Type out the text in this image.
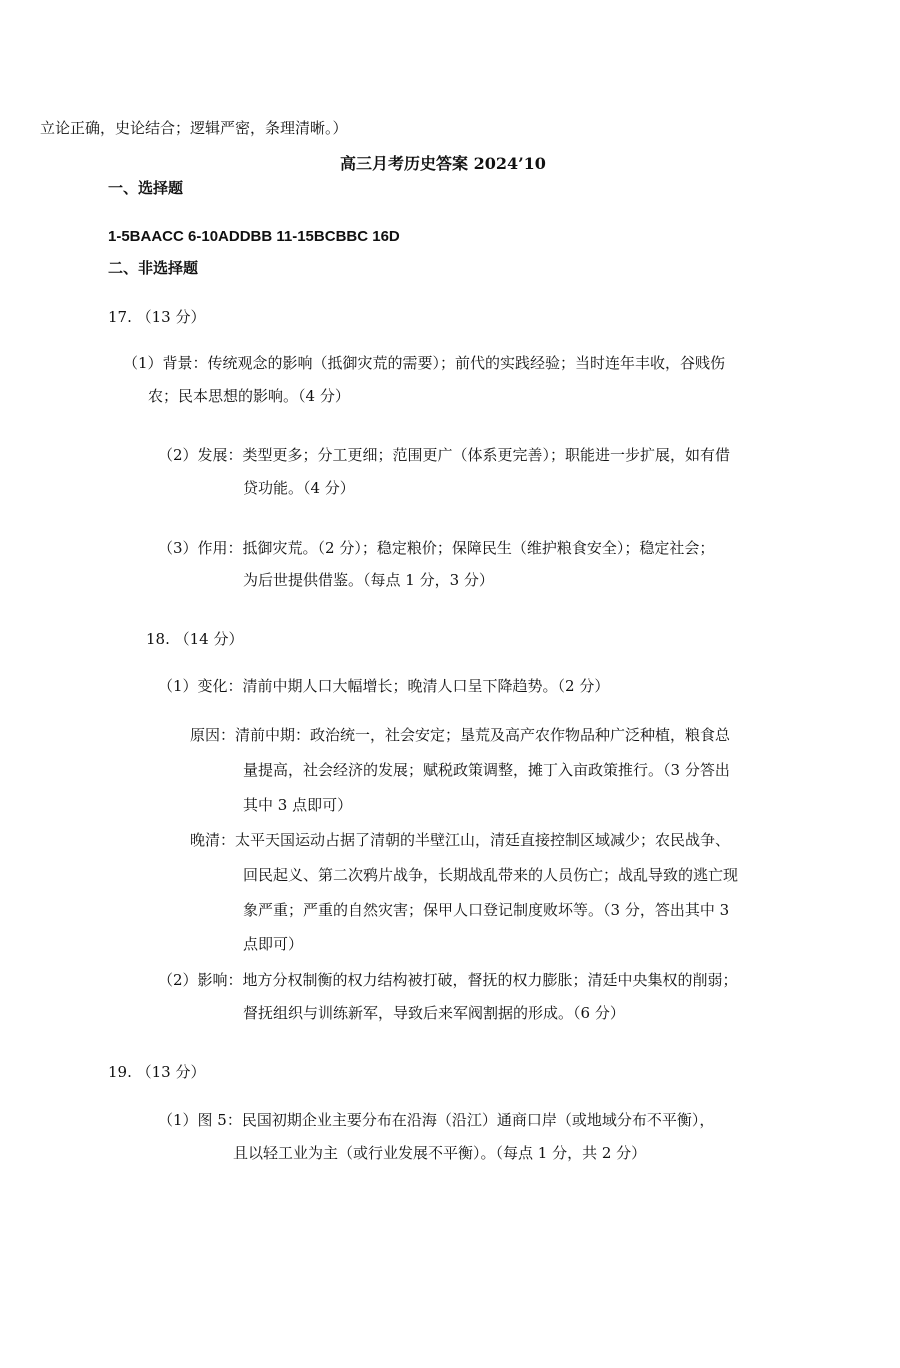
立论正确，史论结合；逻辑严密，条理清晰。）
高三月考历史答案 2024’10
一、选择题
1-5BAACC 6-10ADDBB 11-15BCBBC 16D
二、非选择题
17. （13 分）
（1）背景：传统观念的影响（抵御灾荒的需要）；前代的实践经验；当时连年丰收，谷贱伤
农；民本思想的影响。（4 分）
（2）发展：类型更多；分工更细；范围更广（体系更完善）；职能进一步扩展，如有借
贷功能。（4 分）
（3）作用：抵御灾荒。（2 分）；稳定粮价；保障民生（维护粮食安全）；稳定社会；
为后世提供借鉴。（每点 1 分，3 分）
18. （14 分）
（1）变化：清前中期人口大幅增长；晚清人口呈下降趋势。（2 分）
原因：清前中期：政治统一，社会安定；垦荒及高产农作物品种广泛种植，粮食总
量提高，社会经济的发展；赋税政策调整，摊丁入亩政策推行。（3 分答出
其中 3 点即可）
晚清：太平天国运动占据了清朝的半壁江山，清廷直接控制区域减少；农民战争、
回民起义、第二次鸦片战争，长期战乱带来的人员伤亡；战乱导致的逃亡现
象严重；严重的自然灾害；保甲人口登记制度败坏等。（3 分，答出其中 3
点即可）
（2）影响：地方分权制衡的权力结构被打破，督抚的权力膨胀；清廷中央集权的削弱；
督抚组织与训练新军，导致后来军阀割据的形成。（6 分）
19. （13 分）
（1）图 5：民国初期企业主要分布在沿海（沿江）通商口岸（或地域分布不平衡），
且以轻工业为主（或行业发展不平衡）。（每点 1 分，共 2 分）
